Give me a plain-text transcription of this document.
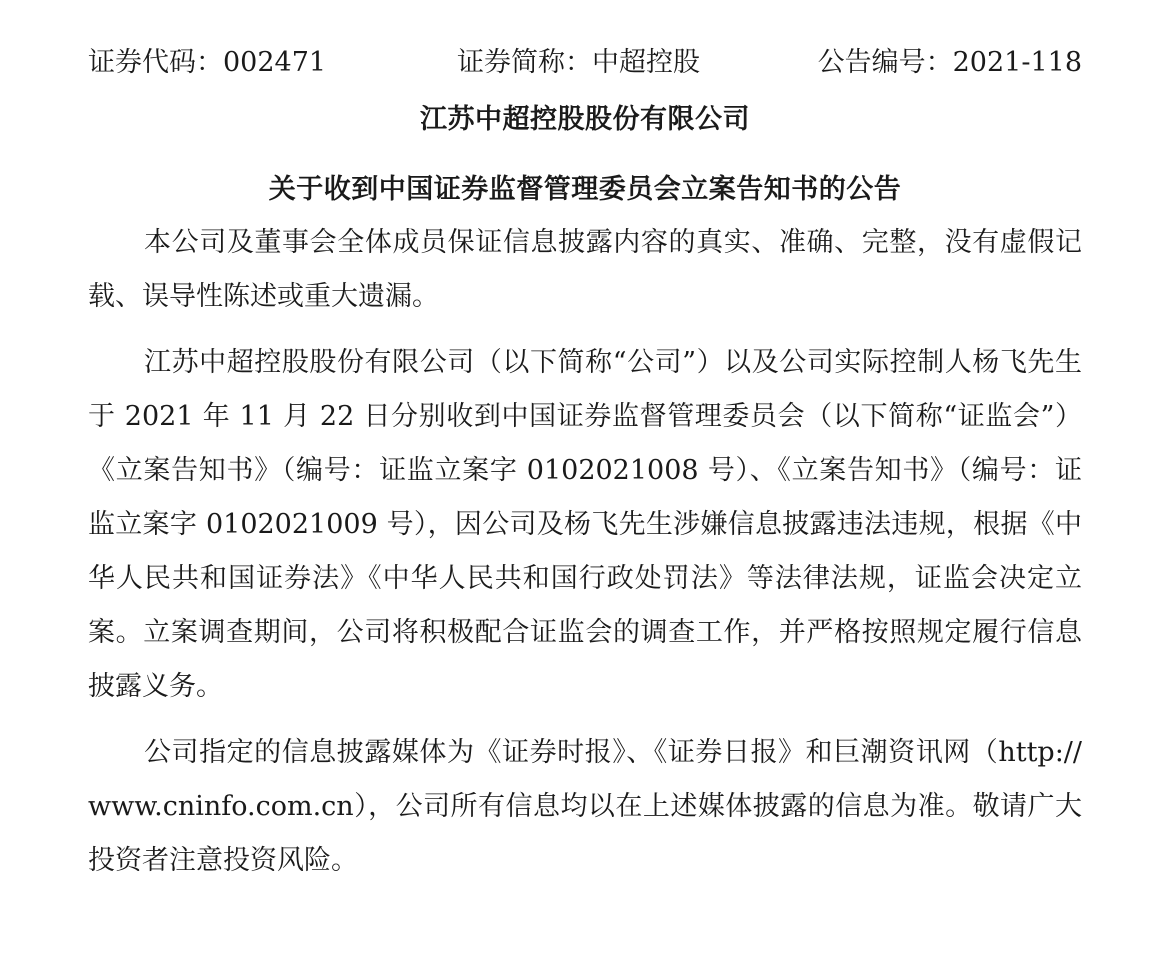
证券代码：002471	证券简称：中超控股	公告编号：2021-118
江苏中超控股股份有限公司
关于收到中国证券监督管理委员会立案告知书的公告

本公司及董事会全体成员保证信息披露内容的真实、准确、完整，没有虚假记载、误导性陈述或重大遗漏。

江苏中超控股股份有限公司（以下简称“公司”）以及公司实际控制人杨飞先生于 2021 年 11 月 22 日分别收到中国证券监督管理委员会（以下简称“证监会”）《立案告知书》（编号：证监立案字 0102021008 号）、《立案告知书》（编号：证监立案字 0102021009 号），因公司及杨飞先生涉嫌信息披露违法违规，根据《中华人民共和国证券法》《中华人民共和国行政处罚法》等法律法规，证监会决定立案。立案调查期间，公司将积极配合证监会的调查工作，并严格按照规定履行信息披露义务。

公司指定的信息披露媒体为《证券时报》、《证券日报》和巨潮资讯网（http://www.cninfo.com.cn），公司所有信息均以在上述媒体披露的信息为准。敬请广大投资者注意投资风险。
